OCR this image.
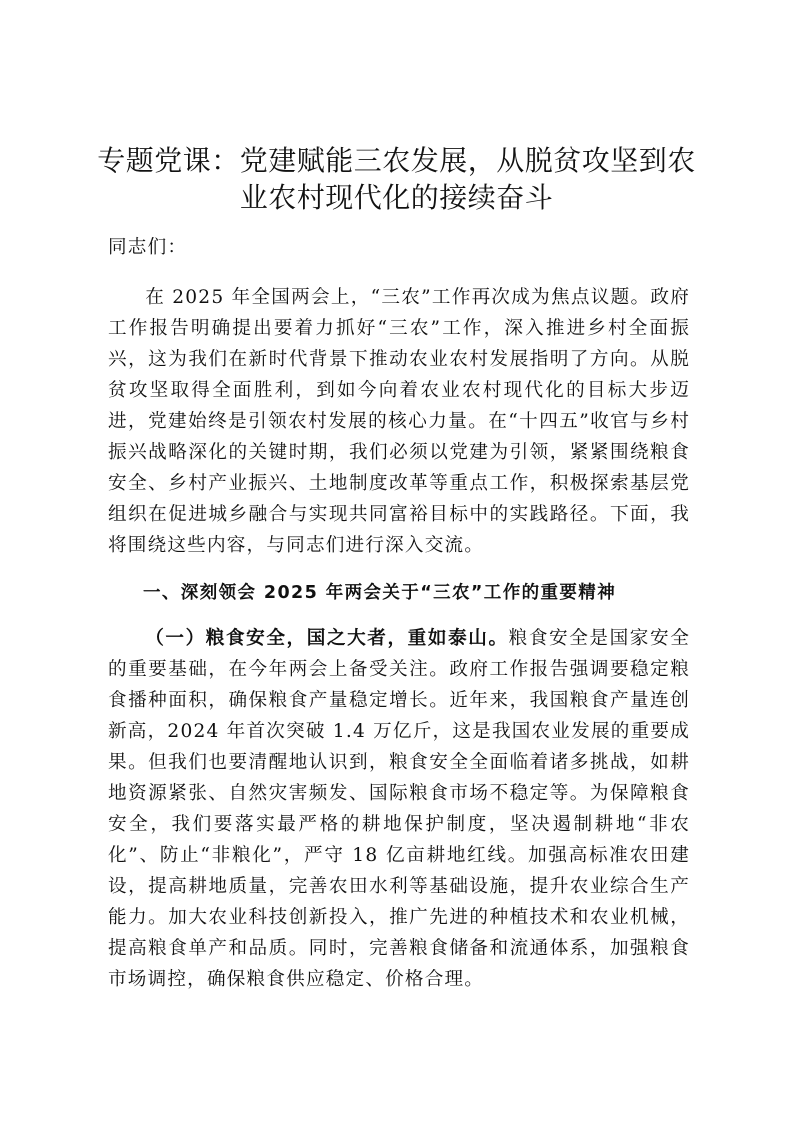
专题党课：党建赋能三农发展，从脱贫攻坚到农业农村现代化的接续奋斗

同志们：

在 2025 年全国两会上，“三农”工作再次成为焦点议题。政府工作报告明确提出要着力抓好“三农”工作，深入推进乡村全面振兴，这为我们在新时代背景下推动农业农村发展指明了方向。从脱贫攻坚取得全面胜利，到如今向着农业农村现代化的目标大步迈进，党建始终是引领农村发展的核心力量。在“十四五”收官与乡村振兴战略深化的关键时期，我们必须以党建为引领，紧紧围绕粮食安全、乡村产业振兴、土地制度改革等重点工作，积极探索基层党组织在促进城乡融合与实现共同富裕目标中的实践路径。下面，我将围绕这些内容，与同志们进行深入交流。

一、深刻领会 2025 年两会关于“三农”工作的重要精神

（一）粮食安全，国之大者，重如泰山。粮食安全是国家安全的重要基础，在今年两会上备受关注。政府工作报告强调要稳定粮食播种面积，确保粮食产量稳定增长。近年来，我国粮食产量连创新高，2024 年首次突破 1.4 万亿斤，这是我国农业发展的重要成果。但我们也要清醒地认识到，粮食安全全面临着诸多挑战，如耕地资源紧张、自然灾害频发、国际粮食市场不稳定等。为保障粮食安全，我们要落实最严格的耕地保护制度，坚决遏制耕地“非农化”、防止“非粮化”，严守 18 亿亩耕地红线。加强高标准农田建设，提高耕地质量，完善农田水利等基础设施，提升农业综合生产能力。加大农业科技创新投入，推广先进的种植技术和农业机械，提高粮食单产和品质。同时，完善粮食储备和流通体系，加强粮食市场调控，确保粮食供应稳定、价格合理。
